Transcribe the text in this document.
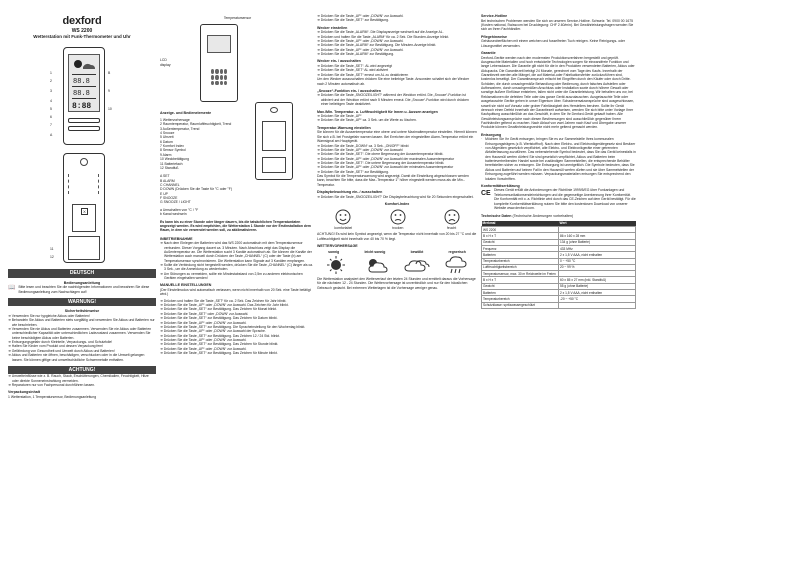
dexford
WS 2200
Wetterstation mit Funk-Thermometer und Uhr
88.8
88.8
8:88
1
2
3
4
5
6
7
B
9
10
A
X
11
12
DEUTSCH
Bedienungsanleitung
📖 Bitte lesen und beachten Sie die nachfolgenden Informationen und bewahren Sie diese Bedienungsanleitung zum Nachschlagen auf!
WARNUNG!
Sicherheitshinweise
➜ Verwenden Sie nur typgleiche Akkus oder Batterien!
➜ Behandeln Sie Akkus und Batterien stets sorgfältig und verwenden Sie Akkus und Batterien nur wie beschrieben.
➜ Verwenden Sie nie Akkus und Batterien zusammen. Verwenden Sie nie Akkus oder Batterien unterschiedlicher Kapazität oder unterschiedlichen Ladezustand zusammen. Verwenden Sie keine beschädigten Akkus oder Batterien.
➜ Entsorgungsgefahr durch Kleinteile, Verpackungs- und Schutzfolie!
➜ Halten Sie Kinder vom Produkt und dessen Verpackung fern!
➜ Gefährdung von Gesundheit und Umwelt durch Akkus und Batterien!
➜ Akkus und Batterien nie öffnen, beschädigen, verschlucken oder in die Umwelt gelangen lassen. Sie können giftige und umweltschädliche Schwermetalle enthalten.
ACHTUNG!
➜ Umwelteinflüsse wie z. B. Rauch, Staub, Erschütterungen, Chemikalien, Feuchtigkeit, Hitze oder direkte Sonneneinstrahlung vermeiden.
➜ Reparaturen nur von Fachpersonal durchführen lassen.
Verpackungsinhalt
1 Wetterstation, 1 Temperatursensor, Bedienungsanleitung
Temperatursensor
LCD display
Anzeige- und Bedienelemente
1 Wettervorhersage
2 Raumtemperatur, Raumluftfeuchtigkeit, Trend
3 Außentemperatur, Trend
4 Snooze
5 Uhrzeit
6 Datum
7 Komfort Index
8 Sensor Symbol
9 Alarm
10 Weckbetätigung
11 Batteriefach
12 Standfuß
A SET
B ALARM
C CHANNEL
D DOWN (Drücken Sie die Taste für °C oder °F)
E UP
F SNOOZE
G SNOOZE / LIGHT
a Umschalten von °C / °F
b Kanal wechseln
Es kann bis zu einer Stunde oder länger dauern, bis die tatsächlichen Temperaturdaten angezeigt werden. Es wird empfohlen, die Wetterstation 1 Stunde vor der Erstinstallation dem Raum, in dem sie verwendet werden soll, zu akklimatisieren.
INBETRIEBNAHME
➜ Nach dem Einlegen der Batterien wird das WS 2200 automatisch mit dem Temperatursensor verbunden. Dieser Vorgang dauert ca. 3 Minuten. Nach Abschluss zeigt das Display die Außentemperatur an. Die Wetterstation sucht 3 Kanäle automatisch ab. Sie können die Kanäle der Wetterstation auch manuell durch Drücken der Taste „CHANNEL“ (C) oder der Taste (b) am Temperatursensor synchronisieren. Die Wetterstation kann Signale auf 3 Kanälen empfangen.
➜ Sollte die Verbindung nicht hergestellt werden, drücken Sie die Taste „CHANNEL“ (C) länger als ca. 3 Sek., um die Anmeldung zu wiederholen.
➜ Um Störungen zu vermeiden, sollte ein Mindestabstand von 2,5m zu anderen elektronischen Geräten eingehalten werden!
MANUELLE EINSTELLUNGEN
(Der Einstellmodus wird automatisch verlassen, wenn nicht innerhalb von 20 Sek. eine Taste betätigt wird.)
➜ Drücken und halten Sie die Taste „SET“ für ca. 2 Sek. Das Zeichen für Jahr blinkt.
➜ Drücken Sie die Taste „UP“ oder „DOWN“ zur Auswahl. Das Zeichen für Jahr blinkt.
➜ Drücken Sie die Taste „SET“ zur Bestätigung. Das Zeichen für Monat blinkt.
➜ Drücken Sie die Taste „SET“ oder „DOWN“ zur Auswahl.
➜ Drücken Sie die Taste „SET“ zur Bestätigung. Das Zeichen für Datum blinkt.
➜ Drücken Sie die Taste „UP“ oder „DOWN“ zur Auswahl.
➜ Drücken Sie die Taste „SET“ zur Bestätigung. Die Spracheinstellung für den Wochentag blinkt.
➜ Drücken Sie die Taste „UP“ oder „DOWN“ zur Auswahl der Sprache.
➜ Drücken Sie die Taste „SET“ zur Bestätigung. Das Zeichen 12 / 24 Std. blinkt.
➜ Drücken Sie die Taste „UP“ oder „DOWN“ zur Auswahl.
➜ Drücken Sie die Taste „SET“ zur Bestätigung. Das Zeichen für Stunde blinkt.
➜ Drücken Sie die Taste „UP“ oder „DOWN“ zur Auswahl.
➜ Drücken Sie die Taste „SET“ zur Bestätigung. Das Zeichen für Minute blinkt.
➜ Drücken Sie die Taste „UP“ oder „DOWN“ zur Auswahl.
➜ Drücken Sie die Taste „SET“ zur Bestätigung.
Wecker einstellen
➜ Drücken Sie die Taste „ALARM“. Die Displayanzeige wechselt auf die Anzeige AL.
➜ Drücken und halten Sie die Taste „ALARM“ für ca. 2 Sek. Die Stunden-Anzeige blinkt.
➜ Drücken Sie die Taste „UP“ oder „DOWN“ zur Auswahl.
➜ Drücken Sie die Taste „ALARM“ zur Bestätigung. Die Minuten-Anzeige blinkt.
➜ Drücken Sie die Taste „UP“ oder „DOWN“ zur Auswahl.
➜ Drücken Sie die Taste „ALARM“ zur Bestätigung.
Wecker ein- / ausschalten
➜ Drücken Sie die Taste „SET“. AL wird angezeigt
➜ Drücken Sie die Taste „SET“ AL wird aktiviert
➜ Drücken Sie die Taste „SET“ erneut um AL zu deaktivieren
Um den Wecker auszuschalten drücken Sie eine beliebige Taste. Ansonsten schaltet sich der Wecker nach 2 Minuten automatisch ab.
„Snooze“-Funktion ein- / ausschalten
➜ Drücken Sie die Taste „SNOOZE/LIGHT“ während der Weckton ertönt. Die „Snooze“-Funktion ist aktiviert und der Weckton ertönt nach 5 Minuten erneut. Die „Snooze“-Funktion wird durch drücken einer beliebigen Taste deaktiviert.
Max./Min. Temperatur- u. Luftfeuchtigkeit für Innen u. Aussen anzeigen
➜ Drücken Sie die Taste „UP“
➜ Drücken Sie die Taste „UP“ ca. 3 Sek. um die Werte zu löschen.
Temperatur-Warnung einstellen
Sie können für die Aussentemperatur eine obere und untere Maximaltemperatur einstellen. Hiermit können Sie sich z.B. bei Frostgefahr warnen lassen. Bei Erreichen der eingestellten Alarm-Temperatur ertönt ein Warnsignal am Hauptgerät.
➜ Drücken Sie die Taste „DOWN“ ca. 3 Sek. „ON/OFF“ blinkt
➜ Drücken Sie die Taste „UP“ oder „DOWN“ zur Auswahl
➜ Drücken Sie die Taste „SET“. Die obere Begrenzung der Aussentemperatur blinkt.
➜ Drücken Sie die Taste „UP“ oder „DOWN“ zur Auswahl der maximalen Aussentemperatur
➜ Drücken Sie die Taste „SET“. Die untere Begrenzung der Aussentemperatur blinkt.
➜ Drücken Sie die Taste „UP“ oder „DOWN“ zur Auswahl der minimalen Aussentemperatur
➜ Drücken Sie die Taste „SET“ zur Bestätigung.
Das Symbol für die Temperaturwarnung wird angezeigt. Damit die Einstellung abgeschlossen werden kann, beachten Sie bitte, dass die Max.-Temperatur 1° höher eingestellt werden muss als die Min.-Temperatur.
Displaybeleuchtung ein- / ausschalten
➜ Drücken Sie die Taste „SNOOZE/LIGHT“ Die Displaybeleuchtung wird für 20 Sekunden eingeschaltet.
Komfort-Index
komfortabel	trocken	feucht
ACHTUNG! Es wird kein Symbol angezeigt, wenn die Temperatur nicht innerhalb von 20 bis 27 °C und die Luftfeuchtigkeit nicht innerhalb von 40 bis 70 % liegt.
WETTERVORHERSAGE
sonnig	leicht sonnig	bewölkt	regnerisch
Die Wetterstation analysiert den Wetterverlauf der letzten 24 Stunden und ermittelt daraus die Vorhersage für die nächsten 12 - 24 Stunden. Die Wettervorhersage ist unverbindlich und nur für den häuslichen Gebrauch gedacht. Bei extremen Wetterlagen ist die Vorhersage weniger genau.
Service-Hotline
Bei technischen Problemen wenden Sie sich an unseren Service-Hotline. Schweiz: Tel. 0900 00 1675 (Kosten national, Swisscom bei Drucklegung: CHF 2.60/min). Bei Gewährleistungsfragen wenden Sie sich an Ihren Fachhändler.
Pflegehinweise
Gehäuseoberflächen mit einem weichen und fusselfreien Tuch reinigen. Keine Reinigungs- oder Lösungsmittel verwenden.
Garantie
Dexford-Geräte werden nach den modernsten Produktionsverfahren hergestellt und geprüft. Ausgesuchte Materialien und hoch entwickelte Technologien sorgen für einwandfreie Funktion und lange Lebensdauer. Die Garantie gilt nicht für die in den Produkten verwendeten Batterien, Akkus oder Akkupacks. Die Garantiezeit beträgt 24 Monate, gerechnet vom Tage des Kaufs. Innerhalb der Garantiezeit werden alle Mängel, die auf Material-oder Fabrikationsfehler zurückzuführen sind, kostenlos beseitigt. Der Garantieanspruch erlischt bei Eingriffen durch den Käufer oder durch Dritte. Schäden, die durch unsachgemäße Behandlung oder Bedienung, durch falsches Aufstellen oder Aufbewahren, durch unsachgemäßen Anschluss oder Installation sowie durch höhere Gewalt oder sonstige äußere Einflüsse entstehen, fallen nicht unter die Garantieleistung. Wir behalten uns vor, bei Reklamationen die defekten Teile oder das ganze Gerät auszutauschen. Ausgetauschte Teile oder ausgetauschte Geräte gehen in unser Eigentum über. Schadenersatzansprüche sind ausgeschlossen, soweit sie nicht auf Vorsatz oder grober Fahrlässigkeit des Herstellers beruhen. Sollte Ihr Gerät dennoch einen Defekt innerhalb der Garantiezeit aufweisen, wenden Sie sich bitte unter Vorlage Ihrer Kaufquittung ausschließlich an das Geschäft, in dem Sie Ihr Dexford-Gerät gekauft haben. Alle Gewährleistungsansprüche nach diesen Bestimmungen sind ausschließlich gegenüber Ihrem Fachhändler geltend zu machen. Nach Ablauf von zwei Jahren nach Kauf und Übergabe unserer Produkte können Gewährleistungsrechte nicht mehr geltend gemacht werden.
Entsorgung
Möchten Sie Ihr Gerät entsorgen, bringen Sie es zur Sammelstelle Ihres kommunalen Entsorgungsträgers (z.B. Wertstoffhof). Nach dem Elektro- und Elektronikgerätegesetz sind Besitzer von Altgeräten gesetzlich verpflichtet, alte Elektro- und Elektronikgeräte einer getrennten Abfallerfassung zuzuführen. Das nebenstehende Symbol bedeutet, dass Sie das Gerät keinesfalls in den Hausmüll werfen dürfen! Sie sind gesetzlich verpflichtet, Akkus und Batterien beim batterievertreibenden Handel sowie bei zuständigen Sammelstellen, die entsprechende Behälter bereitstellen sicher zu entsorgen. Die Entsorgung ist unentgeltlich. Die Symbole bedeuten, dass Sie Akkus und Batterien auf keinen Fall in den Hausmüll werfen dürfen und sie über Sammelstellen der Entsorgung zugeführt werden müssen. Verpackungsmaterialien entsorgen Sie entsprechend den lokalen Vorschriften.
Konformitätserklärung
CE Dieses Gerät erfüllt die Anforderungen der Richtlinie 1999/5/EG über Funkanlagen und Telekommunikationsendeinrichtungen und die gegenseitige Anerkennung ihrer Konformität. Die Konformität mit o. a. Richtlinie wird durch das CE-Zeichen auf dem Gerät bestätigt. Für die komplette Konformitätserklärung nutzen Sie bitte den kostenlosen Download von unserer Website www.dexford.com.
Technische Daten (Technische Änderungen vorbehalten)
Merkmal	Wert
WS 2200	
B x H x T	86 x 160 x 28 mm
Gewicht	134 g (ohne Batterie)
Frequenz	433 MHz
Batterien	2 x 1,5 V AAA, nicht enthalten
Temperaturbereich	0 ~ +50 °C
Luftfeuchtigkeitsbereich	20 ~ 99 %
Temperatursensor, max. 30 m Reichweite im Freien	
B x H x T	60 x 85 x 27 mm (inkl. Standfuß)
Gewicht	55 g (ohne Batterie)
Batterien	2 x 1,5 V AAA, nicht enthalten
Temperaturbereich	-20 ~ +50 °C
Schutzklasse: spritzwassergeschützt	
